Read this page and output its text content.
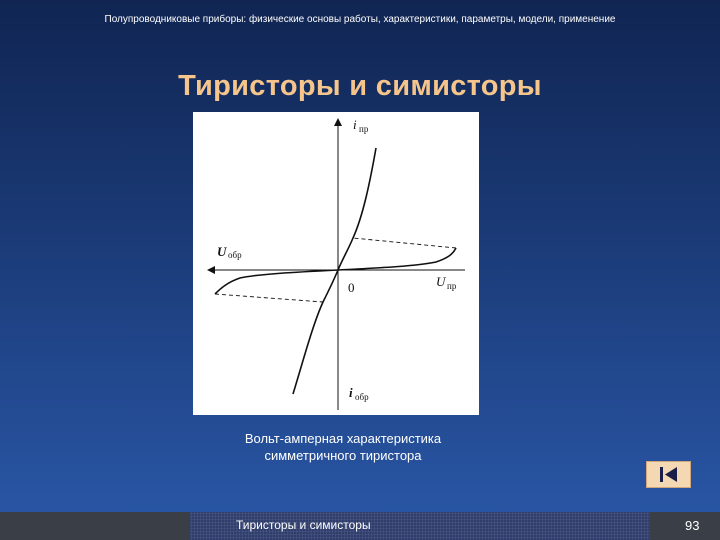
Полупроводниковые приборы: физические основы работы, характеристики, параметры, модели, применение
Тиристоры и симисторы
i пр
U обр
0	U пр
i обр
Вольт-амперная характеристика
симметричного тиристора
Тиристоры и симисторы	93
